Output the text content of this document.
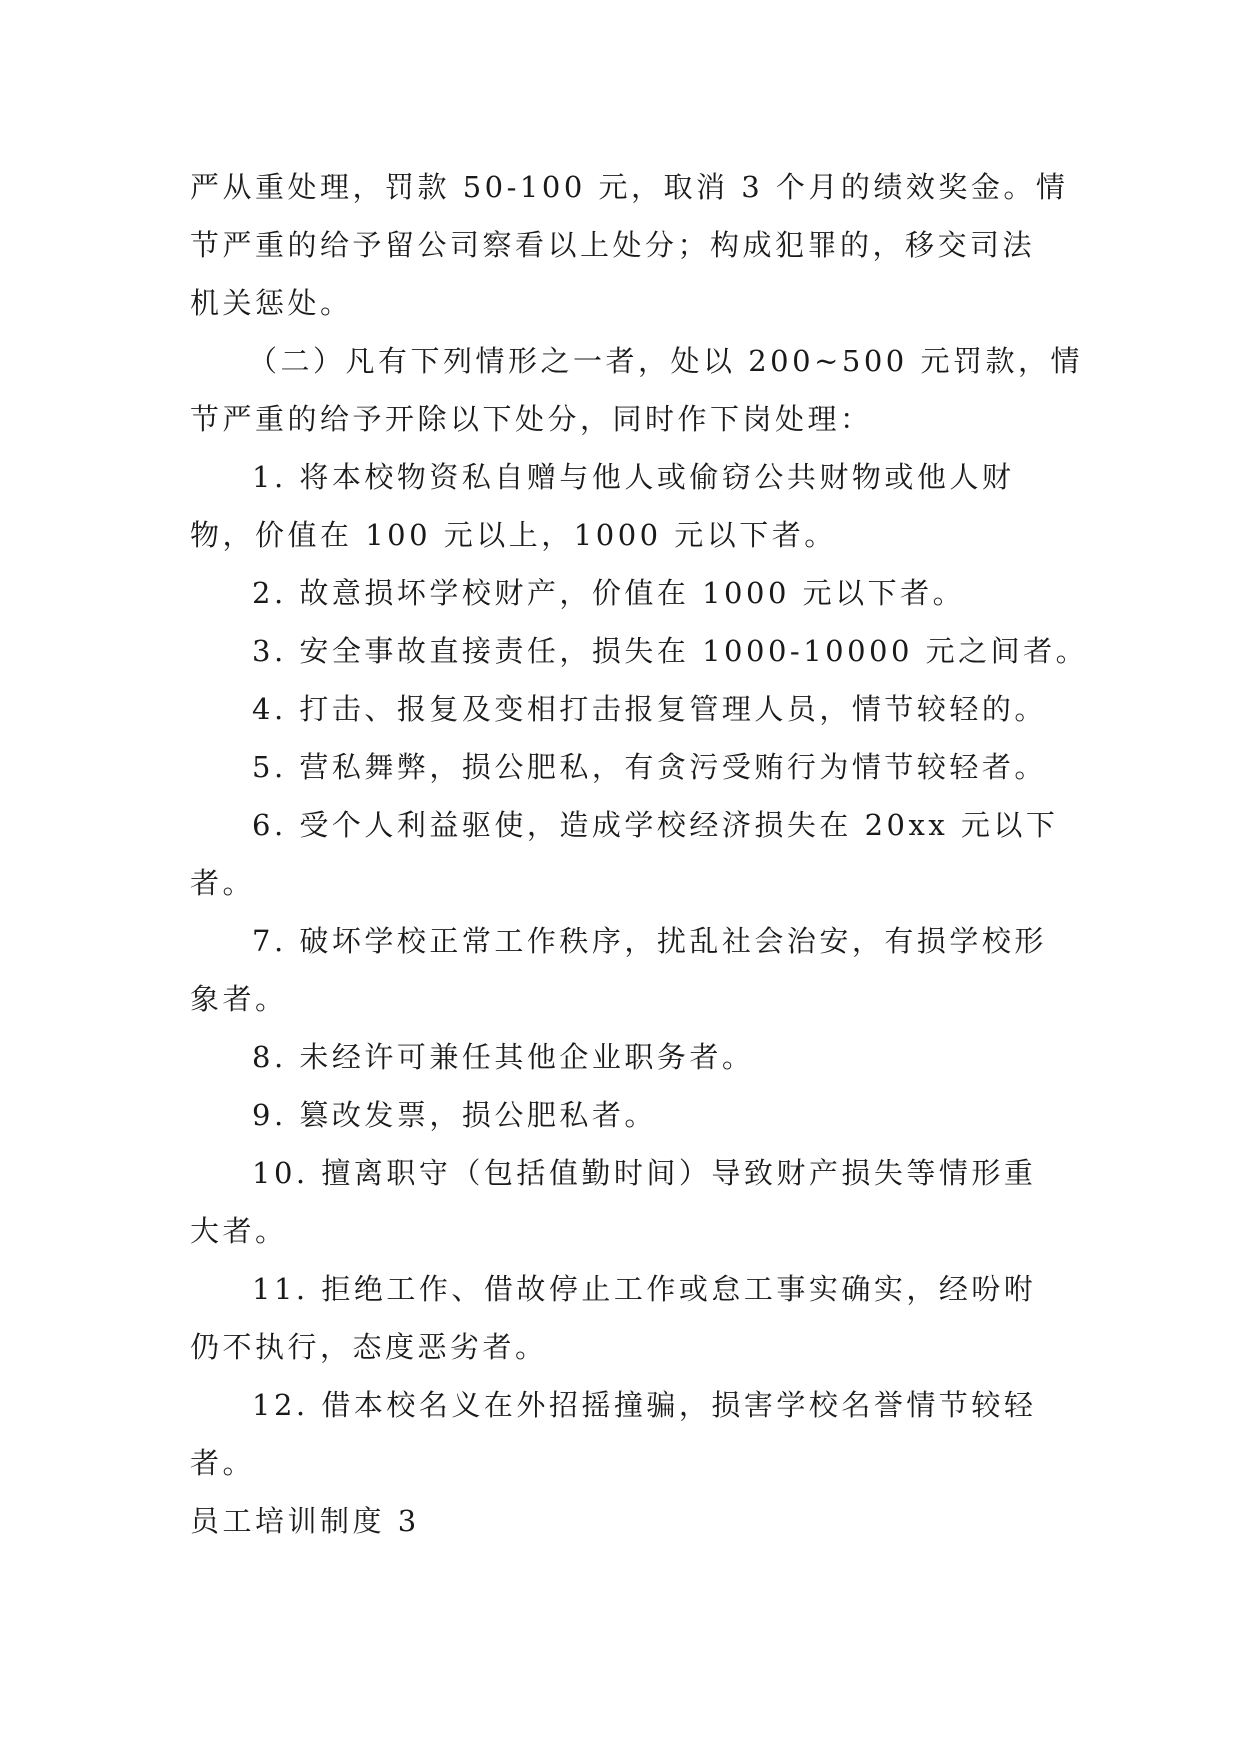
严从重处理，罚款 50-100 元，取消 3 个月的绩效奖金。情
节严重的给予留公司察看以上处分；构成犯罪的，移交司法
机关惩处。
（二）凡有下列情形之一者，处以 200~500 元罚款，情
节严重的给予开除以下处分，同时作下岗处理：
1. 将本校物资私自赠与他人或偷窃公共财物或他人财
物，价值在 100 元以上，1000 元以下者。
2. 故意损坏学校财产，价值在 1000 元以下者。
3. 安全事故直接责任，损失在 1000-10000 元之间者。
4. 打击、报复及变相打击报复管理人员，情节较轻的。
5. 营私舞弊，损公肥私，有贪污受贿行为情节较轻者。
6. 受个人利益驱使，造成学校经济损失在 20xx 元以下
者。
7. 破坏学校正常工作秩序，扰乱社会治安，有损学校形
象者。
8. 未经许可兼任其他企业职务者。
9. 篡改发票，损公肥私者。
10. 擅离职守（包括值勤时间）导致财产损失等情形重
大者。
11. 拒绝工作、借故停止工作或怠工事实确实，经吩咐
仍不执行，态度恶劣者。
12. 借本校名义在外招摇撞骗，损害学校名誉情节较轻
者。
员工培训制度 3
